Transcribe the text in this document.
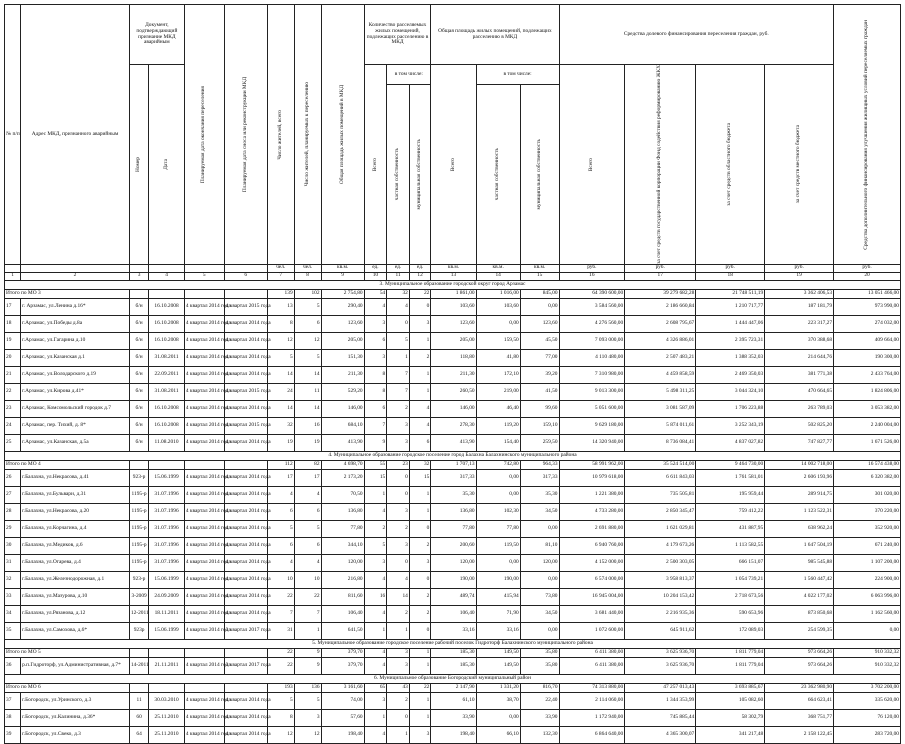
№ п/п	Адрес МКД, признанного аварийным	Документ, подтверждающий признание МКД аварийным		Планируемая дата окончания переселения	Планируемая дата сноса или реконструкции МКД	Число жителей, всего	Число жителей, планируемых к переселению	Общая площадь жилых помещений в МКД	Количество расселяемых жилых помещений, подлежащих расселению в МКД			Общая площадь жилых помещений, подлежащих расселению в МКД			Средства долевого финансирования переселения граждан, руб.				Средства дополнительного финансирования улучшения жилищных условий переселяемых граждан

		Номер	Дата						Всего	в том числе:		Всего	в том числе:		Всего	за счет средств государственной корпорации Фонд содействия реформированию ЖКХ	за счет средств областного бюджета	за счет средств местного бюджета	

										частная собственность	муниципальная собственность		частная собственность	муниципальная собственность					

						чел.	чел.	кв.м.	ед.	ед.	ед.	кв.м.	кв.м.	кв.м.	руб.	руб.	руб.	руб.	руб.
1	2	3	4	5	6	7	8	9	10	11	12	13	14	15	16	17	18	19	20
3. Муниципальное образование городской округ город Арзамас																			
Итого по МО 3						139	102	2 754,80	54	32	22	1 861,00	1 016,00	845,00	64 390 600,00	39 279 682,28	21 748 511,19	3 362 406,53	13 051 466,00
17	г. Арзамас, ул.Ленина д.16*	б/н	16.10.2008	4 квартал 2014 года	4 квартал 2015 года	13	5	290,40	4	4	0	103,60	103,60	0,00	3 584 560,00	2 186 660,84	1 210 717,77	187 181,79	973 990,00
18	г.Арзамас, ул.Победы д.8а	б/н	16.10.2008	4 квартал 2014 года	4 квартал 2014 года	8	6	123,60	3	0	3	123,60	0,00	123,60	4 276 560,00	2 608 795,67	1 444 447,06	223 317,27	274 032,00
19	г.Арзамас, ул.Гагарина д.10	б/н	16.10.2008	4 квартал 2014 года	4 квартал 2014 года	12	12	205,00	6	5	1	205,00	159,50	45,50	7 093 000,00	4 326 886,01	2 395 723,31	370 388,68	409 664,00
20	г.Арзамас, ул.Казанская д.1	б/н	31.08.2011	4 квартал 2014 года	4 квартал 2014 года	5	5	151,30	3	1	2	118,80	41,80	77,00	4 110 480,00	2 507 483,21	1 388 352,03	214 644,76	190 300,00
21	г.Арзамас, ул.Володарского д.19	б/н	22.09.2011	4 квартал 2014 года	4 квартал 2014 года	14	14	211,30	8	7	1	211,30	172,10	39,20	7 310 980,00	4 459 858,59	2 469 350,03	381 771,38	2 433 764,00
22	г.Арзамас, ул.Кирова д.41*	б/н	31.08.2011	4 квартал 2014 года	4 квартал 2015 года	24	11	529,20	8	7	1	260,50	219,00	41,50	9 013 300,00	5 498 311,25	3 044 324,10	470 664,65	1 824 806,00
23	г.Арзамас, Комсомольский городок д.7	б/н	16.10.2008	4 квартал 2014 года	4 квартал 2014 года	14	14	146,00	6	2	4	146,00	46,40	99,60	5 051 600,00	3 081 587,09	1 706 223,88	263 789,03	3 053 382,00
24	г.Арзамас, пер. Тихий, д. 8*	б/н	16.10.2008	4 квартал 2014 года	4 квартал 2015 года	32	16	684,10	7	3	4	278,30	119,20	159,10	9 629 180,00	5 874 011,61	3 252 343,19	502 825,20	2 240 004,00
25	г.Арзамас, ул.Казанская, д.5а	б/н	11.08.2010	4 квартал 2014 года	4 квартал 2014 года	19	19	413,90	9	3	6	413,90	154,40	259,50	14 320 940,00	8 736 084,41	4 837 027,82	747 827,77	1 671 526,00
4. Муниципальное образование городское поселение город Балахна Балахнинского муниципального района																			
Итого по МО 4						112	82	4 698,70	55	23	32	1 707,13	742,80	964,33	58 991 962,00	35 524 514,00	9 464 730,00	14 002 718,00	16 574 438,00
26	г.Балахна, ул.Некрасова, д.41	923-р	15.06.1999	4 квартал 2014 года	4 квартал 2014 года	17	17	2 173,20	15	0	15	317,33	0,00	317,33	10 979 618,00	6 611 843,03	1 761 581,01	2 606 193,96	6 320 382,00
27	г.Балахна, ул.Бульвари, д.31	1195-р	31.07.1996	4 квартал 2014 года	4 квартал 2014 года	4	4	70,50	1	0	1	35,30	0,00	35,30	1 221 380,00	735 505,81	195 959,44	289 914,75	301 020,00
28	г.Балахна, ул.Некрасова, д.20	1195-р	31.07.1996	4 квартал 2014 года	4 квартал 2014 года	6	6	136,80	4	3	1	136,80	102,30	34,50	4 733 280,00	2 850 345,47	759 412,22	1 123 522,31	370 220,00
29	г.Балахна, ул.Корчагина, д.4	1195-р	31.07.1996	4 квартал 2014 года	4 квартал 2014 года	5	5	77,80	2	2	0	77,80	77,80	0,00	2 691 880,00	1 621 029,81	431 887,95	638 962,24	352 920,00
30	г.Балахна, ул.Медиков, д.6	1195-р	31.07.1996	4 квартал 2014 года	4 квартал 2014 года	6	6	344,10	5	3	2	200,60	119,50	81,10	6 940 760,00	4 179 673,26	1 113 582,55	1 647 504,19	671 240,00
31	г.Балахна, ул.Огарева, д.4	1195-р	31.07.1996	4 квартал 2014 года	4 квартал 2014 года	4	4	120,00	3	0	3	120,00	0,00	120,00	4 152 000,00	2 500 303,05	666 151,07	985 545,88	1 107 200,00
32	г.Балахна, ул.Железнодорожная, д.1	923-р	15.06.1999	4 квартал 2014 года	4 квартал 2014 года	10	10	216,80	4	4	0	190,00	190,00	0,00	6 574 000,00	3 958 813,37	1 054 739,21	1 560 447,42	224 900,00
33	г.Балахна, ул.Мазурова, д.10	3-2009	24.09.2009	4 квартал 2014 года	4 квартал 2014 года	22	22	811,60	16	14	2	489,74	415,94	73,80	16 945 004,00	10 204 153,42	2 718 673,56	4 022 177,02	6 063 996,00
34	г.Балахна, ул.Рязанова, д.12	12-2011	18.11.2011	4 квартал 2014 года	4 квартал 2014 года	7	7	106,40	4	2	2	106,40	71,90	34,50	3 681 440,00	2 216 935,36	590 653,96	873 850,68	1 162 560,00
35	г.Балахна, ул.Самохова, д.6*	923р	15.06.1999	4 квартал 2014 года	3 квартал 2017 года	31	1	641,50	1	1	0	33,16	33,16	0,00	1 072 600,00	645 911,62	172 089,03	254 599,35	0,00
5. Муниципальное образование городское поселение рабочий поселок Гидроторф Балахнинского муниципального района																			
Итого по МО 5						22	9	379,70	4	3	1	185,30	149,50	35,80	6 411 380,00	3 625 936,70	1 811 779,04	973 664,26	910 332,32
36	р.п.Гидроторф, ул.Административная, д.7*	14-2011	21.11.2011	4 квартал 2014 года	3 квартал 2017 года	22	9	379,70	4	3	1	185,30	149,50	35,80	6 411 380,00	3 625 936,70	1 811 779,04	973 664,26	910 332,32
6. Муниципальное образование Богородский муниципальный район																			
Итого по МО 6						193	136	3 161,60	65	43	22	2 147,90	1 331,20	816,70	74 313 880,00	47 257 013,43	3 693 885,67	23 362 980,90	3 702 200,00
37	г.Богородск, ул.Уринского, д.3	11	30.03.2010	4 квартал 2014 года	4 квартал 2014 года	5	5	74,00	3	2	1	61,10	38,70	22,40	2 114 060,00	1 344 353,99	105 082,60	664 623,41	335 620,00
38	г.Богородск, ул.Калинина, д.36*	60	25.11.2010	4 квартал 2014 года	4 квартал 2014 года	8	3	57,60	1	0	1	33,90	0,00	33,90	1 172 940,00	745 885,44	58 302,79	368 751,77	76 120,00
39	г.Богородск, ул.Свеко, д.3	64	25.11.2010	4 квартал 2014 года	4 квартал 2014 года	12	12	198,40	4	1	3	198,40	66,10	132,30	6 864 640,00	4 365 300,07	341 217,48	2 158 122,45	283 720,00
